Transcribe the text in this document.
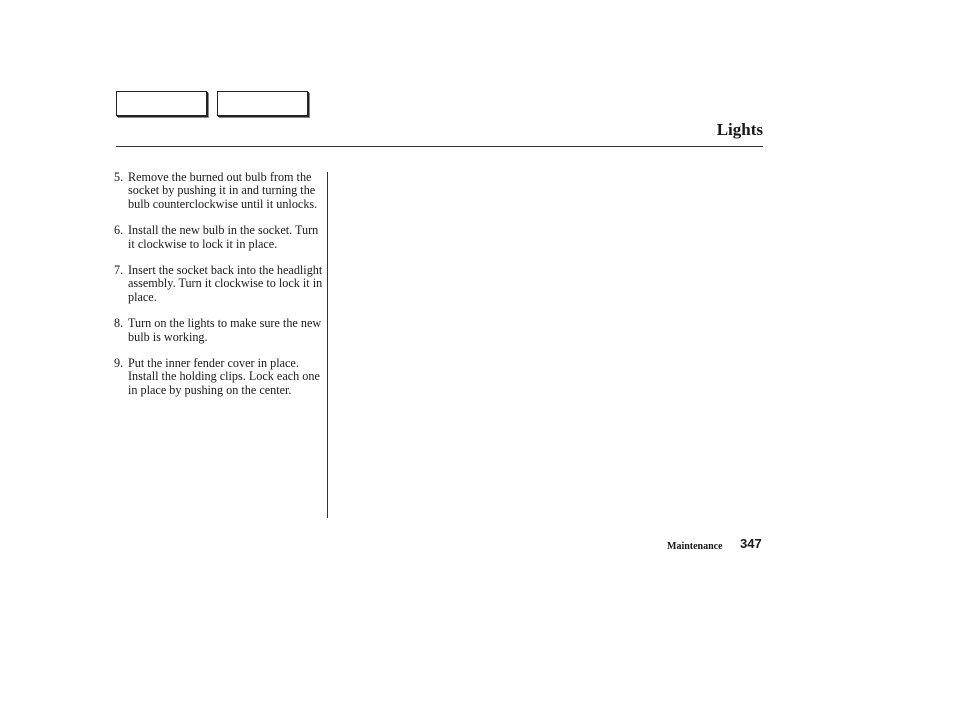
Lights
5. Remove the burned out bulb from the socket by pushing it in and turning the bulb counterclockwise until it unlocks.
6. Install the new bulb in the socket. Turn it clockwise to lock it in place.
7. Insert the socket back into the headlight assembly. Turn it clockwise to lock it in place.
8. Turn on the lights to make sure the new bulb is working.
9. Put the inner fender cover in place. Install the holding clips. Lock each one in place by pushing on the center.
Maintenance 347
